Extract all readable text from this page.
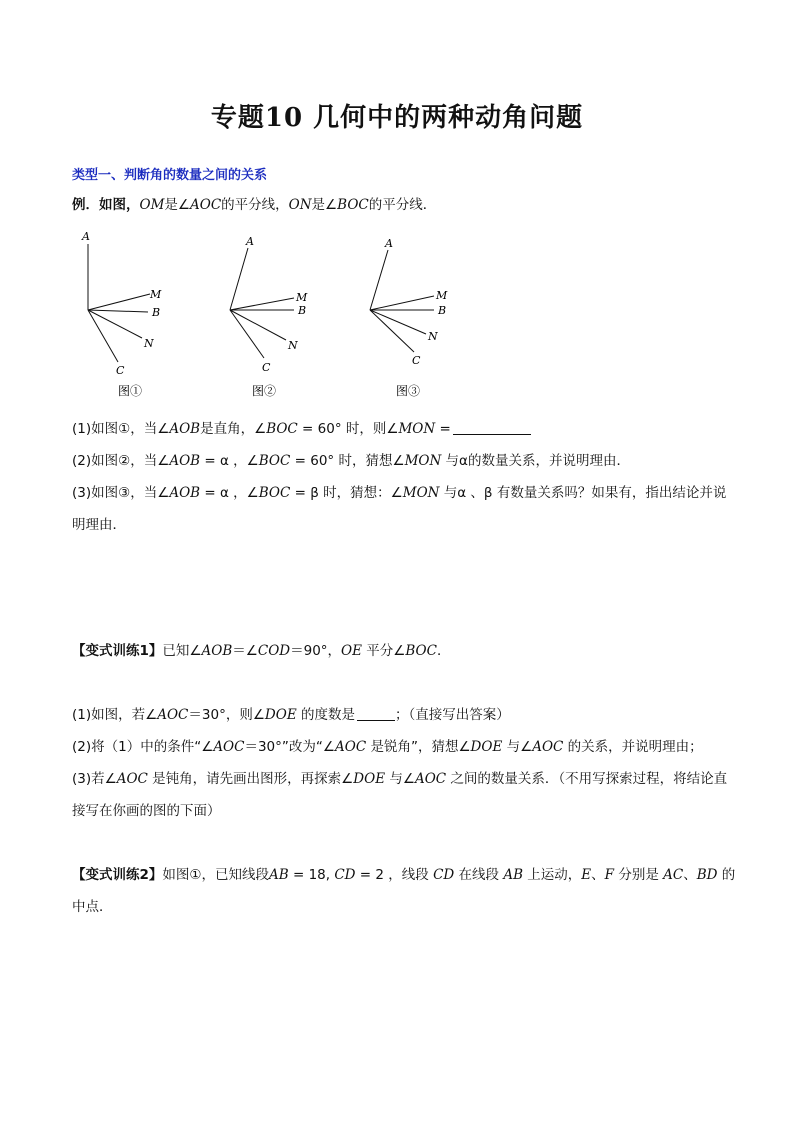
专题10 几何中的两种动角问题
类型一、判断角的数量之间的关系
例．如图，OM是∠AOC的平分线，ON是∠BOC的平分线．
A
M
B
N
C
图①
A
M
B
N
C
图②
A
M
B
N
C
图③
(1)如图①，当∠AOB是直角，∠BOC = 60° 时，则∠MON =
(2)如图②，当∠AOB = α ，∠BOC = 60° 时，猜想∠MON 与α的数量关系，并说明理由．
(3)如图③，当∠AOB = α ，∠BOC = β 时，猜想：∠MON 与α 、β 有数量关系吗？如果有，指出结论并说
明理由．
【变式训练1】已知∠AOB＝∠COD＝90°，OE 平分∠BOC．
(1)如图，若∠AOC＝30°，则∠DOE 的度数是	；（直接写出答案）
(2)将（1）中的条件“∠AOC＝30°”改为“∠AOC 是锐角”，猜想∠DOE 与∠AOC 的关系，并说明理由；
(3)若∠AOC 是钝角，请先画出图形，再探索∠DOE 与∠AOC 之间的数量关系．（不用写探索过程，将结论直
接写在你画的图的下面）
【变式训练2】如图①，已知线段AB = 18, CD = 2 ，线段 CD 在线段 AB 上运动，E、F 分别是 AC、BD 的
中点．
